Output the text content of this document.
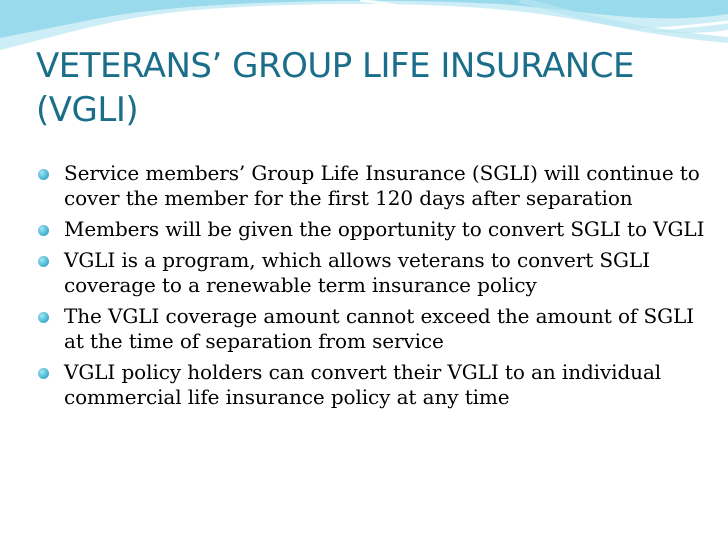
VETERANS’ GROUP LIFE INSURANCE (VGLI)
Service members’ Group Life Insurance (SGLI) will continue to cover the member for the first 120 days after separation
Members will be given the opportunity to convert SGLI to VGLI
VGLI is a program, which allows veterans to convert SGLI coverage to a renewable term insurance policy
The VGLI coverage amount cannot exceed the amount of SGLI at the time of separation from service
VGLI policy holders can convert their VGLI to an individual commercial life insurance policy at any time
